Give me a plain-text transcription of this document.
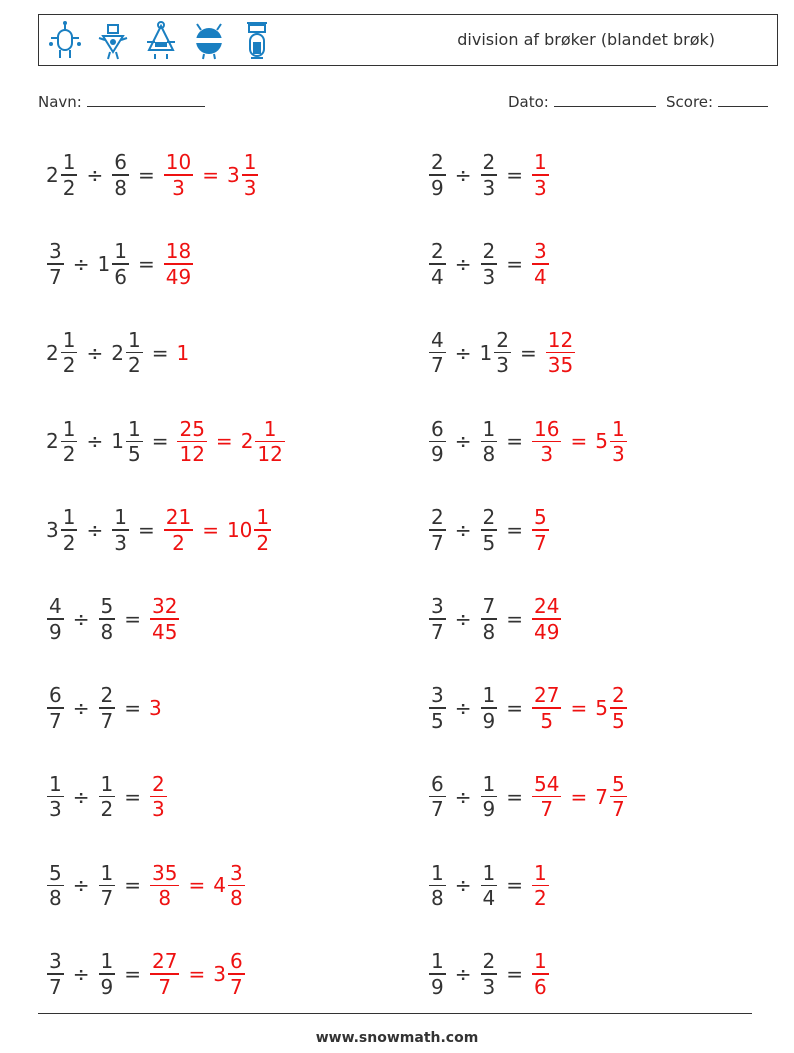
division af brøker (blandet brøk)
Navn:	Dato:	Score:
$2 \frac{1}{2} \div \frac{6}{8} = \frac{10}{3} = 3 \frac{1}{3}$	$\frac{2}{9} \div \frac{2}{3} = \frac{1}{3}$
$\frac{3}{7} \div 1 \frac{1}{6} = \frac{18}{49}$	$\frac{2}{4} \div \frac{2}{3} = \frac{3}{4}$
$2 \frac{1}{2} \div 2 \frac{1}{2} = 1$	$\frac{4}{7} \div 1 \frac{2}{3} = \frac{12}{35}$
$2 \frac{1}{2} \div 1 \frac{1}{5} = \frac{25}{12} = 2 \frac{1}{12}$	$\frac{6}{9} \div \frac{1}{8} = \frac{16}{3} = 5 \frac{1}{3}$
$3 \frac{1}{2} \div \frac{1}{3} = \frac{21}{2} = 10 \frac{1}{2}$	$\frac{2}{7} \div \frac{2}{5} = \frac{5}{7}$
$\frac{4}{9} \div \frac{5}{8} = \frac{32}{45}$	$\frac{3}{7} \div \frac{7}{8} = \frac{24}{49}$
$\frac{6}{7} \div \frac{2}{7} = 3$	$\frac{3}{5} \div \frac{1}{9} = \frac{27}{5} = 5 \frac{2}{5}$
$\frac{1}{3} \div \frac{1}{2} = \frac{2}{3}$	$\frac{6}{7} \div \frac{1}{9} = \frac{54}{7} = 7 \frac{5}{7}$
$\frac{5}{8} \div \frac{1}{7} = \frac{35}{8} = 4 \frac{3}{8}$	$\frac{1}{8} \div \frac{1}{4} = \frac{1}{2}$
$\frac{3}{7} \div \frac{1}{9} = \frac{27}{7} = 3 \frac{6}{7}$	$\frac{1}{9} \div \frac{2}{3} = \frac{1}{6}$
www.snowmath.com
